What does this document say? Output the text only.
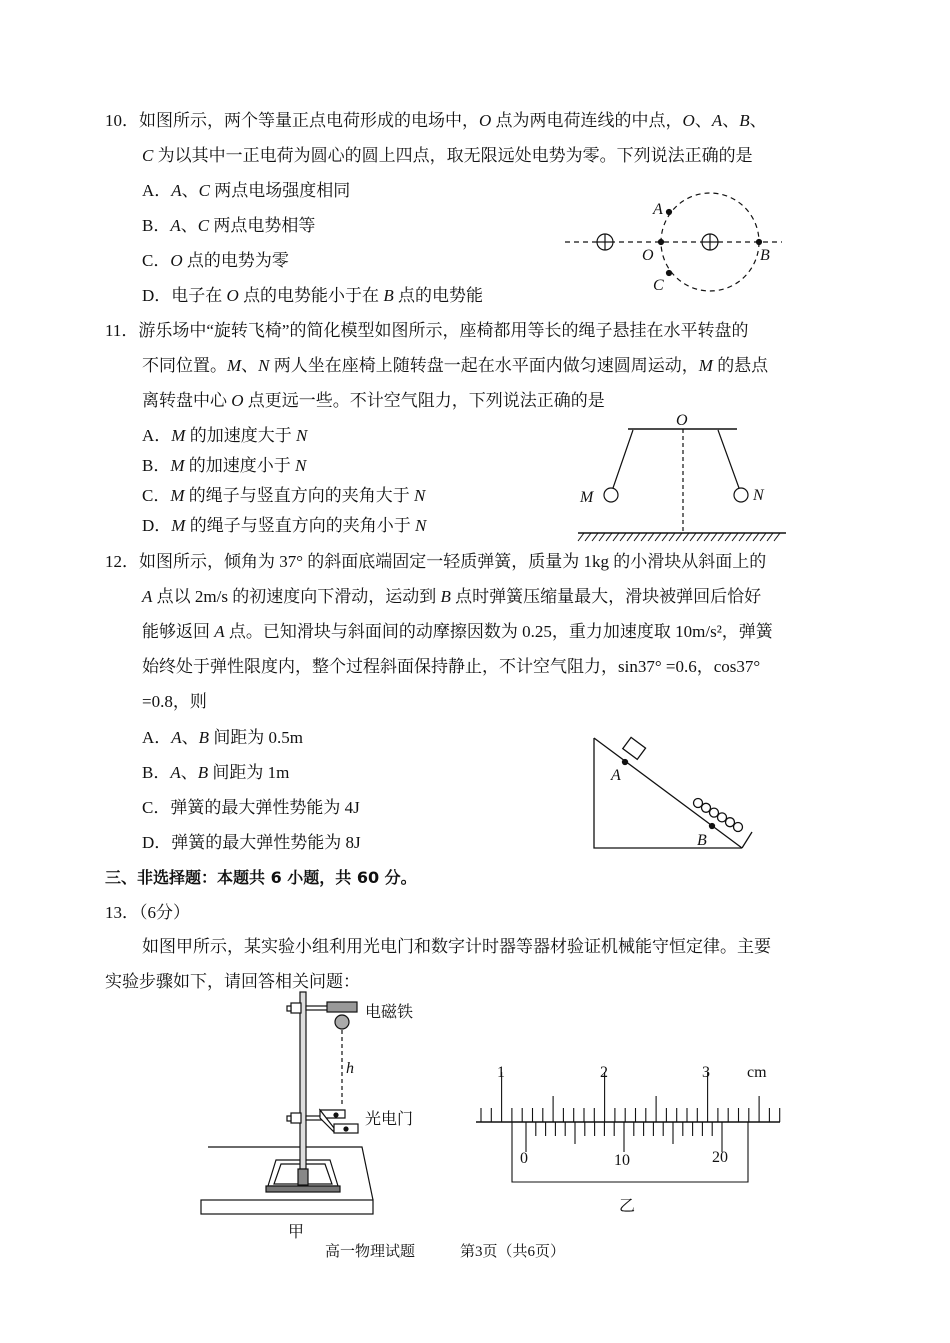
10．如图所示，两个等量正点电荷形成的电场中，O 点为两电荷连线的中点，O、A、B、
C 为以其中一正电荷为圆心的圆上四点，取无限远处电势为零。下列说法正确的是
A．A、C 两点电场强度相同
B．A、C 两点电势相等
C．O 点的电势为零
D．电子在 O 点的电势能小于在 B 点的电势能
11．游乐场中“旋转飞椅”的简化模型如图所示，座椅都用等长的绳子悬挂在水平转盘的
不同位置。M、N 两人坐在座椅上随转盘一起在水平面内做匀速圆周运动，M 的悬点
离转盘中心 O 点更远一些。不计空气阻力，下列说法正确的是
A．M 的加速度大于 N
B．M 的加速度小于 N
C．M 的绳子与竖直方向的夹角大于 N
D．M 的绳子与竖直方向的夹角小于 N
12．如图所示，倾角为 37° 的斜面底端固定一轻质弹簧，质量为 1kg 的小滑块从斜面上的
A 点以 2m/s 的初速度向下滑动，运动到 B 点时弹簧压缩量最大，滑块被弹回后恰好
能够返回 A 点。已知滑块与斜面间的动摩擦因数为 0.25，重力加速度取 10m/s²，弹簧
始终处于弹性限度内，整个过程斜面保持静止，不计空气阻力，sin37° =0.6，cos37°
=0.8，则
A．A、B 间距为 0.5m
B．A、B 间距为 1m
C．弹簧的最大弹性势能为 4J
D．弹簧的最大弹性势能为 8J
三、非选择题：本题共 6 小题，共 60 分。
13．（6分）
如图甲所示，某实验小组利用光电门和数字计时器等器材验证机械能守恒定律。主要
实验步骤如下，请回答相关问题：
A
O	B
C
O
M	N
A
B
电磁铁
h
光电门
甲
1	2	3 cm
0	10	20
乙
高一物理试题　　　第3页（共6页）
